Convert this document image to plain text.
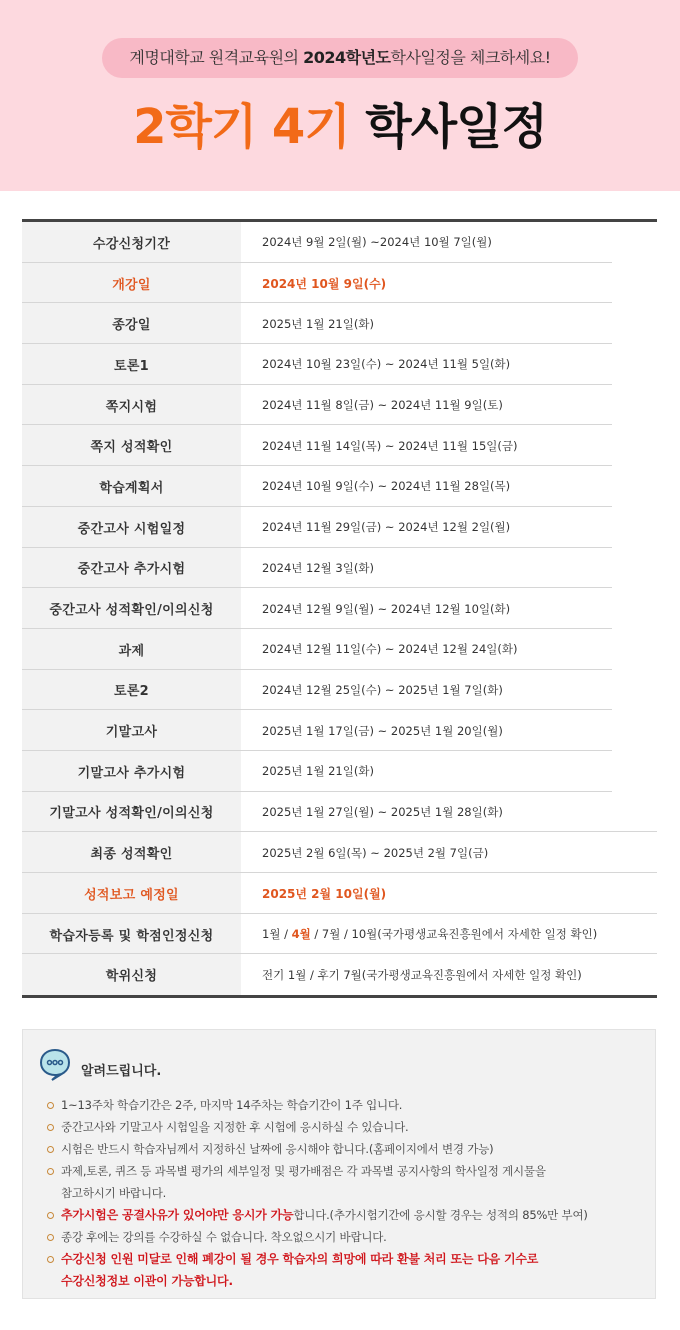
계명대학교 원격교육원의 2024학년도학사일정을 체크하세요!
2학기 4기 학사일정
수강신청기간	2024년 9월 2일(월) ~2024년 10월 7일(월)
개강일	2024년 10월 9일(수)
종강일	2025년 1월 21일(화)
토론1	2024년 10월 23일(수) ~ 2024년 11월 5일(화)
쪽지시험	2024년 11월 8일(금) ~ 2024년 11월 9일(토)
쪽지 성적확인	2024년 11월 14일(목) ~ 2024년 11월 15일(금)
학습계획서	2024년 10월 9일(수) ~ 2024년 11월 28일(목)
중간고사 시험일정	2024년 11월 29일(금) ~ 2024년 12월 2일(월)
중간고사 추가시험	2024년 12월 3일(화)
중간고사 성적확인/이의신청	2024년 12월 9일(월) ~ 2024년 12월 10일(화)
과제	2024년 12월 11일(수) ~ 2024년 12월 24일(화)
토론2	2024년 12월 25일(수) ~ 2025년 1월 7일(화)
기말고사	2025년 1월 17일(금) ~ 2025년 1월 20일(월)
기말고사 추가시험	2025년 1월 21일(화)
기말고사 성적확인/이의신청	2025년 1월 27일(월) ~ 2025년 1월 28일(화)
최종 성적확인	2025년 2월 6일(목) ~ 2025년 2월 7일(금)
성적보고 예정일	2025년 2월 10일(월)
학습자등록 및 학점인정신청	1월 /
4월
/ 7월 / 10월(국가평생교육진흥원에서 자세한 일정 확인)
학위신청	전기 1월 / 후기 7월(국가평생교육진흥원에서 자세한 일정 확인)
알려드립니다.
1~13주차 학습기간은 2주, 마지막 14주차는 학습기간이 1주 입니다.
중간고사와 기말고사 시험일을 지정한 후 시험에 응시하실 수 있습니다.
시험은 반드시 학습자님께서 지정하신 날짜에 응시해야 합니다.(홈페이지에서 변경 가능)
과제,토론, 퀴즈 등 과목별 평가의 세부일정 및 평가배점은 각 과목별 공지사항의 학사일정 게시물을
참고하시기 바랍니다.
추가시험은 공결사유가 있어야만 응시가 가능합니다.(추가시험기간에 응시할 경우는 성적의 85%만 부여)
종강 후에는 강의를 수강하실 수 없습니다. 착오없으시기 바랍니다.
수강신청 인원 미달로 인해 폐강이 될 경우 학습자의 희망에 따라 환불 처리 또는 다음 기수로
수강신청정보 이관이 가능합니다.
